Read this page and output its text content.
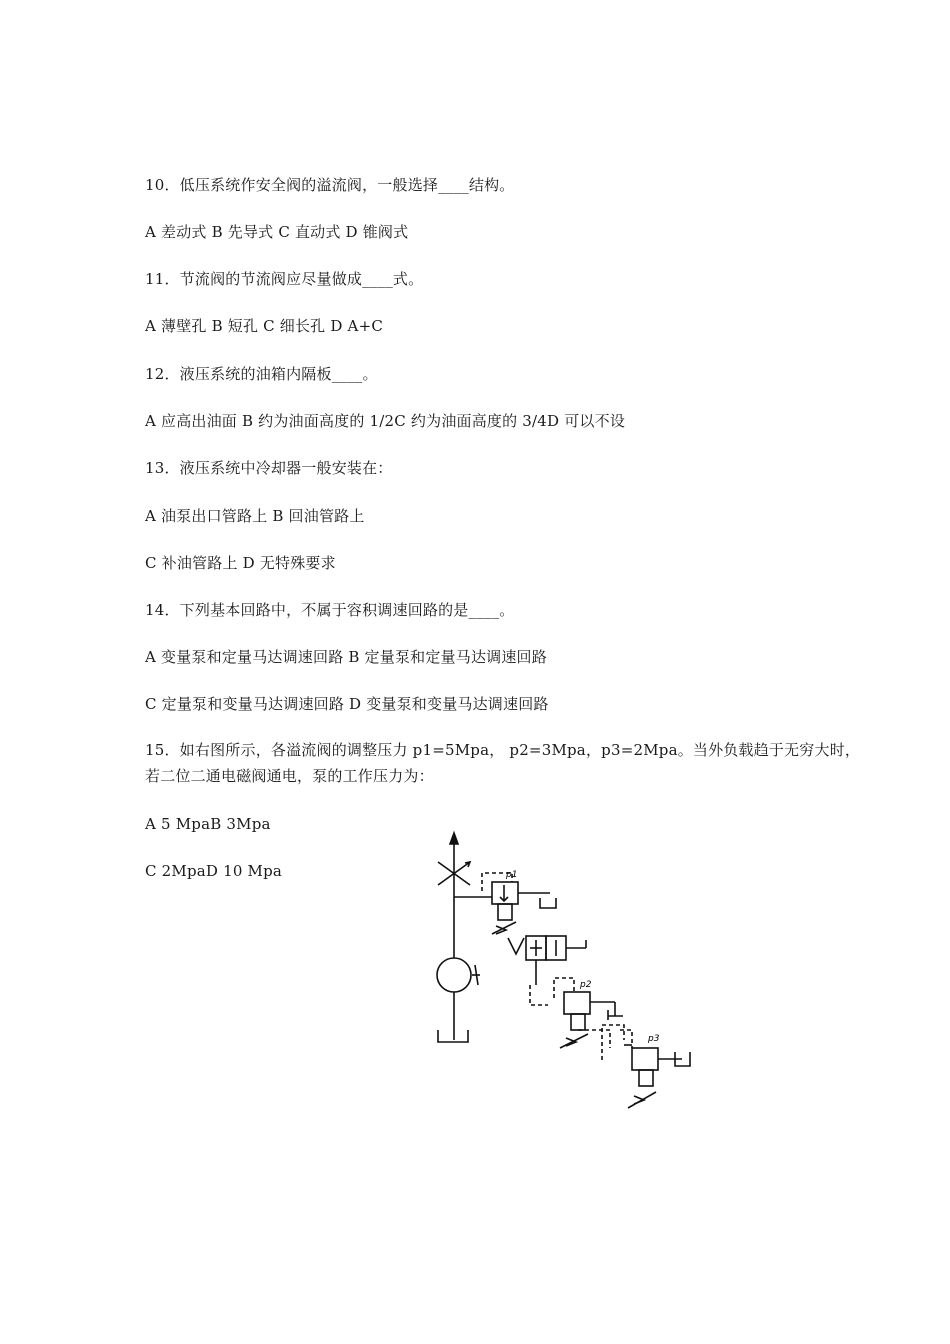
10．低压系统作安全阀的溢流阀，一般选择____结构。
A 差动式 B 先导式 C 直动式 D 锥阀式
11．节流阀的节流阀应尽量做成____式。
A 薄壁孔 B 短孔 C 细长孔 D A+C
12．液压系统的油箱内隔板____。
A 应高出油面 B 约为油面高度的 1/2C 约为油面高度的 3/4D 可以不设
13．液压系统中冷却器一般安装在：
A 油泵出口管路上 B 回油管路上
C 补油管路上 D 无特殊要求
14．下列基本回路中，不属于容积调速回路的是____。
A 变量泵和定量马达调速回路 B 定量泵和定量马达调速回路
C 定量泵和变量马达调速回路 D 变量泵和变量马达调速回路
15．如右图所示，各溢流阀的调整压力 p1=5Mpa， p2=3Mpa，p3=2Mpa。当外负载趋于无穷大时，
若二位二通电磁阀通电，泵的工作压力为：
A 5 MpaB 3Mpa
C 2MpaD 10 Mpa	p1
p2
p3
